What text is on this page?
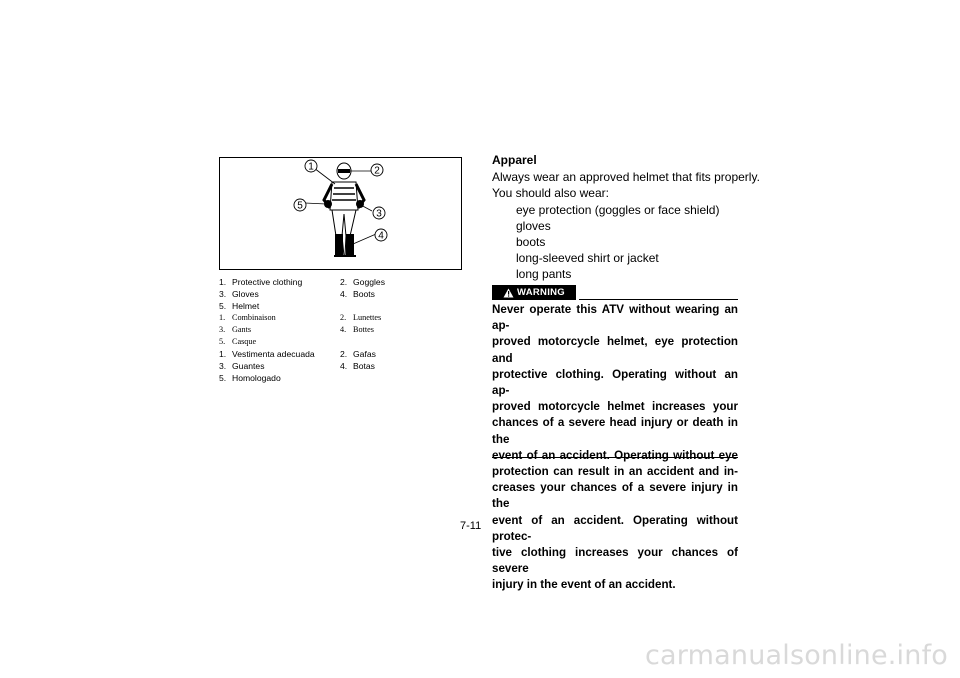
1	2
3
4
5
1. Protective clothing	2. Goggles
3. Gloves	4. Boots
5. Helmet
1. Combinaison	2. Lunettes
3. Gants	4. Bottes
5. Casque
1. Vestimenta adecuada	2. Gafas
3. Guantes	4. Botas
5. Homologado
Apparel
Always wear an approved helmet that fits properly.
You should also wear:
eye protection (goggles or face shield)
gloves
boots
long-sleeved shirt or jacket
long pants
WARNING
Never operate this ATV without wearing an ap-
proved motorcycle helmet, eye protection and
protective clothing. Operating without an ap-
proved motorcycle helmet increases your
chances of a severe head injury or death in the
event of an accident. Operating without eye
protection can result in an accident and in-
creases your chances of a severe injury in the
event of an accident. Operating without protec-
tive clothing increases your chances of severe
injury in the event of an accident.
7-11
carmanualsonline.info
